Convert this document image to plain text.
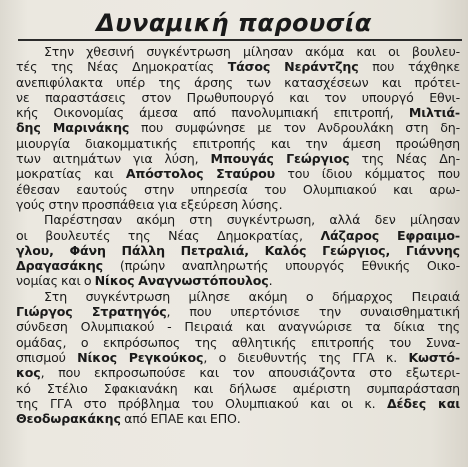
Δυναμική παρουσία

Στην χθεσινή συγκέντρωση μίλησαν ακόμα και οι βουλευ-
τές της Νέας Δημοκρατίας Τάσος Νεράντζης που τάχθηκε
ανεπιφύλακτα υπέρ της άρσης των κατασχέσεων και πρότει-
νε παραστάσεις στον Πρωθυπουργό και τον υπουργό Εθνι-
κής Οικονομίας άμεσα από πανολυμπιακή επιτροπή, Μιλτιά-
δης Μαρινάκης που συμφώνησε με τον Ανδρουλάκη στη δη-
μιουργία διακομματικής επιτροπής και την άμεση προώθηση
των αιτημάτων για λύση, Μπουγάς Γεώργιος της Νέας Δη-
μοκρατίας και Απόστολος Σταύρου του ίδιου κόμματος που
έθεσαν εαυτούς στην υπηρεσία του Ολυμπιακού και αρω-
γούς στην προσπάθεια για εξεύρεση λύσης.

Παρέστησαν ακόμη στη συγκέντρωση, αλλά δεν μίλησαν
οι βουλευτές της Νέας Δημοκρατίας, Λάζαρος Εφραιμο-
γλου, Φάνη Πάλλη Πετραλιά, Καλός Γεώργιος, Γιάννης
Δραγασάκης (πρώην αναπληρωτής υπουργός Εθνικής Οικο-
νομίας και ο Νίκος Αναγνωστόπουλος.

Στη συγκέντρωση μίλησε ακόμη ο δήμαρχος Πειραιά
Γιώργος Στρατηγός, που υπερτόνισε την συναισθηματική
σύνδεση Ολυμπιακού - Πειραιά και αναγνώρισε τα δίκια της
ομάδας, ο εκπρόσωπος της αθλητικής επιτροπής του Συνα-
σπισμού Νίκος Ρεγκούκος, ο διευθυντής της ΓΓΑ κ. Κωστό-
κος, που εκπροσωπούσε και τον απουσιάζοντα στο εξωτερι-
κό Στέλιο Σφακιανάκη και δήλωσε αμέριστη συμπαράσταση
της ΓΓΑ στο πρόβλημα του Ολυμπιακού και οι κ. Δέδες και
Θεοδωρακάκης από ΕΠΑΕ και ΕΠΟ.
